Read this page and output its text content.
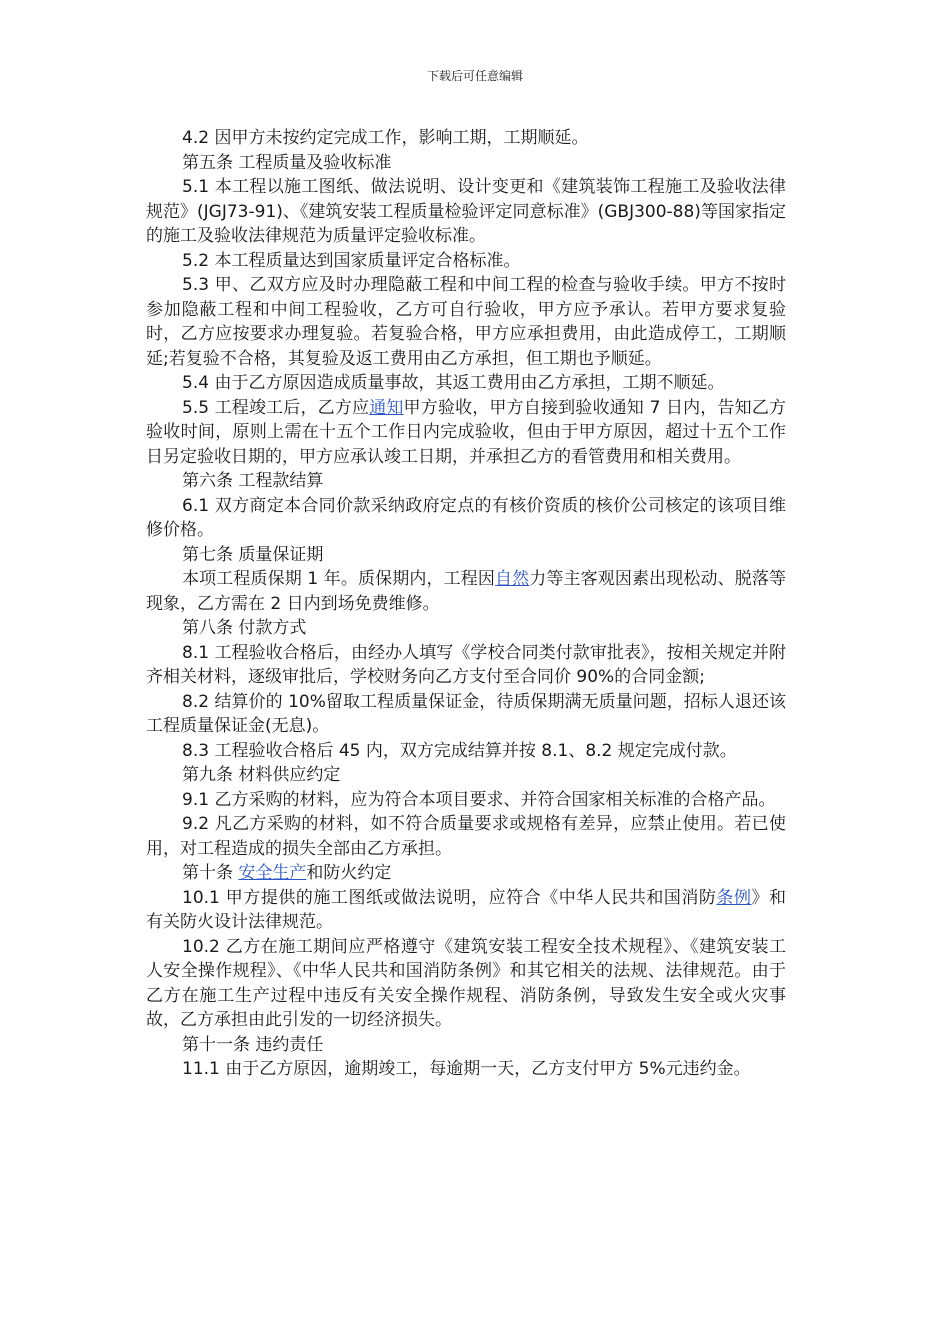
下载后可任意编辑

4.2 因甲方未按约定完成工作，影响工期，工期顺延。

第五条 工程质量及验收标准

5.1 本工程以施工图纸、做法说明、设计变更和《建筑装饰工程施工及验收法律规范》(JGJ73-91)、《建筑安装工程质量检验评定同意标准》(GBJ300-88)等国家指定的施工及验收法律规范为质量评定验收标准。

5.2 本工程质量达到国家质量评定合格标准。

5.3 甲、乙双方应及时办理隐蔽工程和中间工程的检查与验收手续。甲方不按时参加隐蔽工程和中间工程验收，乙方可自行验收，甲方应予承认。若甲方要求复验时，乙方应按要求办理复验。若复验合格，甲方应承担费用，由此造成停工，工期顺延;若复验不合格，其复验及返工费用由乙方承担，但工期也予顺延。

5.4 由于乙方原因造成质量事故，其返工费用由乙方承担，工期不顺延。

5.5 工程竣工后，乙方应通知甲方验收，甲方自接到验收通知 7 日内，告知乙方验收时间，原则上需在十五个工作日内完成验收，但由于甲方原因，超过十五个工作日另定验收日期的，甲方应承认竣工日期，并承担乙方的看管费用和相关费用。

第六条 工程款结算

6.1 双方商定本合同价款采纳政府定点的有核价资质的核价公司核定的该项目维修价格。

第七条 质量保证期

本项工程质保期 1 年。质保期内，工程因自然力等主客观因素出现松动、脱落等现象，乙方需在 2 日内到场免费维修。

第八条 付款方式

8.1 工程验收合格后，由经办人填写《学校合同类付款审批表》，按相关规定并附齐相关材料，逐级审批后，学校财务向乙方支付至合同价 90%的合同金额;

8.2 结算价的 10%留取工程质量保证金，待质保期满无质量问题，招标人退还该工程质量保证金(无息)。

8.3 工程验收合格后 45 内，双方完成结算并按 8.1、8.2 规定完成付款。

第九条 材料供应约定

9.1 乙方采购的材料，应为符合本项目要求、并符合国家相关标准的合格产品。

9.2 凡乙方采购的材料，如不符合质量要求或规格有差异，应禁止使用。若已使用，对工程造成的损失全部由乙方承担。

第十条 安全生产和防火约定

10.1 甲方提供的施工图纸或做法说明，应符合《中华人民共和国消防条例》和有关防火设计法律规范。

10.2 乙方在施工期间应严格遵守《建筑安装工程安全技术规程》、《建筑安装工人安全操作规程》、《中华人民共和国消防条例》和其它相关的法规、法律规范。由于乙方在施工生产过程中违反有关安全操作规程、消防条例，导致发生安全或火灾事故，乙方承担由此引发的一切经济损失。

第十一条 违约责任

11.1 由于乙方原因，逾期竣工，每逾期一天，乙方支付甲方 5%元违约金。
